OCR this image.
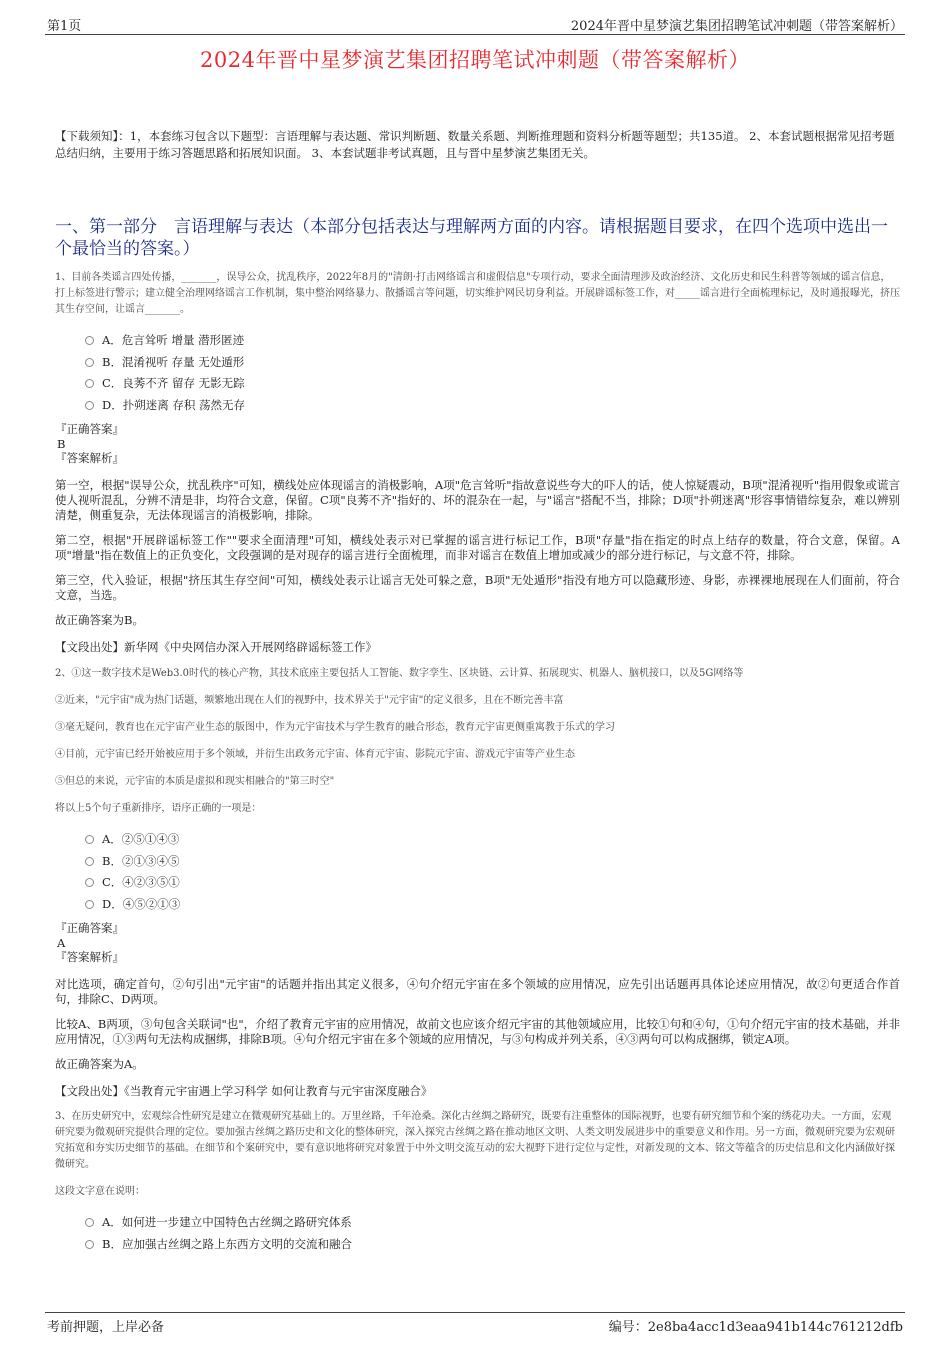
第1页	2024年晋中星梦演艺集团招聘笔试冲刺题（带答案解析）
2024年晋中星梦演艺集团招聘笔试冲刺题（带答案解析）
【下载须知】：1，本套练习包含以下题型：言语理解与表达题、常识判断题、数量关系题、判断推理题和资料分析题等题型；共135道。 2、本套试题根据常见招考题总结归纳，主要用于练习答题思路和拓展知识面。 3、本套试题非考试真题，且与晋中星梦演艺集团无关。
一、第一部分　言语理解与表达（本部分包括表达与理解两方面的内容。请根据题目要求，在四个选项中选出一个最恰当的答案。）

1、目前各类谣言四处传播，_______，误导公众，扰乱秩序，2022年8月的"清朗·打击网络谣言和虚假信息"专项行动，要求全面清理涉及政治经济、文化历史和民生科普等领域的谣言信息，打上标签进行警示；建立健全治理网络谣言工作机制，集中整治网络暴力、散播谣言等问题，切实维护网民切身利益。开展辟谣标签工作，对_____谣言进行全面梳理标记，及时通报曝光，挤压其生存空间，让谣言_______。

A．危言耸听 增量 潜形匿迹
B．混淆视听 存量 无处遁形
C．良莠不齐 留存 无影无踪
D．扑朔迷离 存积 荡然无存

『正确答案』

B

『答案解析』

第一空，根据"误导公众，扰乱秩序"可知，横线处应体现谣言的消极影响，A项"危言耸听"指故意说些夸大的吓人的话，使人惊疑震动，B项"混淆视听"指用假象或谎言使人视听混乱，分辨不清是非，均符合文意，保留。C项"良莠不齐"指好的、坏的混杂在一起，与"谣言"搭配不当，排除；D项"扑朔迷离"形容事情错综复杂，难以辨别清楚，侧重复杂，无法体现谣言的消极影响，排除。

第二空，根据"开展辟谣标签工作""要求全面清理"可知，横线处表示对已掌握的谣言进行标记工作，B项"存量"指在指定的时点上结存的数量，符合文意，保留。A项"增量"指在数值上的正负变化，文段强调的是对现存的谣言进行全面梳理，而非对谣言在数值上增加或减少的部分进行标记，与文意不符，排除。

第三空，代入验证，根据"挤压其生存空间"可知，横线处表示让谣言无处可躲之意，B项"无处遁形"指没有地方可以隐藏形迹、身影，赤裸裸地展现在人们面前，符合文意，当选。

故正确答案为B。

【文段出处】新华网《中央网信办深入开展网络辟谣标签工作》

2、①这一数字技术是Web3.0时代的核心产物，其技术底座主要包括人工智能、数字孪生、区块链、云计算、拓展现实、机器人、脑机接口，以及5G网络等

②近来，"元宇宙"成为热门话题，频繁地出现在人们的视野中，技术界关于"元宇宙"的定义很多，且在不断完善丰富

③毫无疑问，教育也在元宇宙产业生态的版图中，作为元宇宙技术与学生教育的融合形态，教育元宇宙更侧重寓教于乐式的学习

④目前，元宇宙已经开始被应用于多个领域，并衍生出政务元宇宙、体育元宇宙、影院元宇宙、游戏元宇宙等产业生态

⑤但总的来说，元宇宙的本质是虚拟和现实相融合的"第三时空"

将以上5个句子重新排序，语序正确的一项是：

A．②⑤①④③
B．②①③④⑤
C．④②③⑤①
D．④⑤②①③

『正确答案』

A

『答案解析』

对比选项，确定首句，②句引出"元宇宙"的话题并指出其定义很多，④句介绍元宇宙在多个领域的应用情况，应先引出话题再具体论述应用情况，故②句更适合作首句，排除C、D两项。

比较A、B两项，③句包含关联词"也"，介绍了教育元宇宙的应用情况，故前文也应该介绍元宇宙的其他领域应用，比较①句和④句，①句介绍元宇宙的技术基础，并非应用情况，①③两句无法构成捆绑，排除B项。④句介绍元宇宙在多个领域的应用情况，与③句构成并列关系，④③两句可以构成捆绑，锁定A项。

故正确答案为A。

【文段出处】《当教育元宇宙遇上学习科学 如何让教育与元宇宙深度融合》

3、在历史研究中，宏观综合性研究是建立在微观研究基础上的。万里丝路，千年沧桑。深化古丝绸之路研究，既要有注重整体的国际视野，也要有研究细节和个案的绣花功夫。一方面，宏观研究要为微观研究提供合理的定位。要加强古丝绸之路历史和文化的整体研究，深入探究古丝绸之路在推动地区文明、人类文明发展进步中的重要意义和作用。另一方面，微观研究要为宏观研究拓宽和夯实历史细节的基础。在细节和个案研究中，要有意识地将研究对象置于中外文明交流互动的宏大视野下进行定位与定性，对新发现的文本、铭文等蕴含的历史信息和文化内涵做好探微研究。

这段文字意在说明：

A．如何进一步建立中国特色古丝绸之路研究体系
B．应加强古丝绸之路上东西方文明的交流和融合
考前押题，上岸必备	编号：2e8ba4acc1d3eaa941b144c761212dfb
